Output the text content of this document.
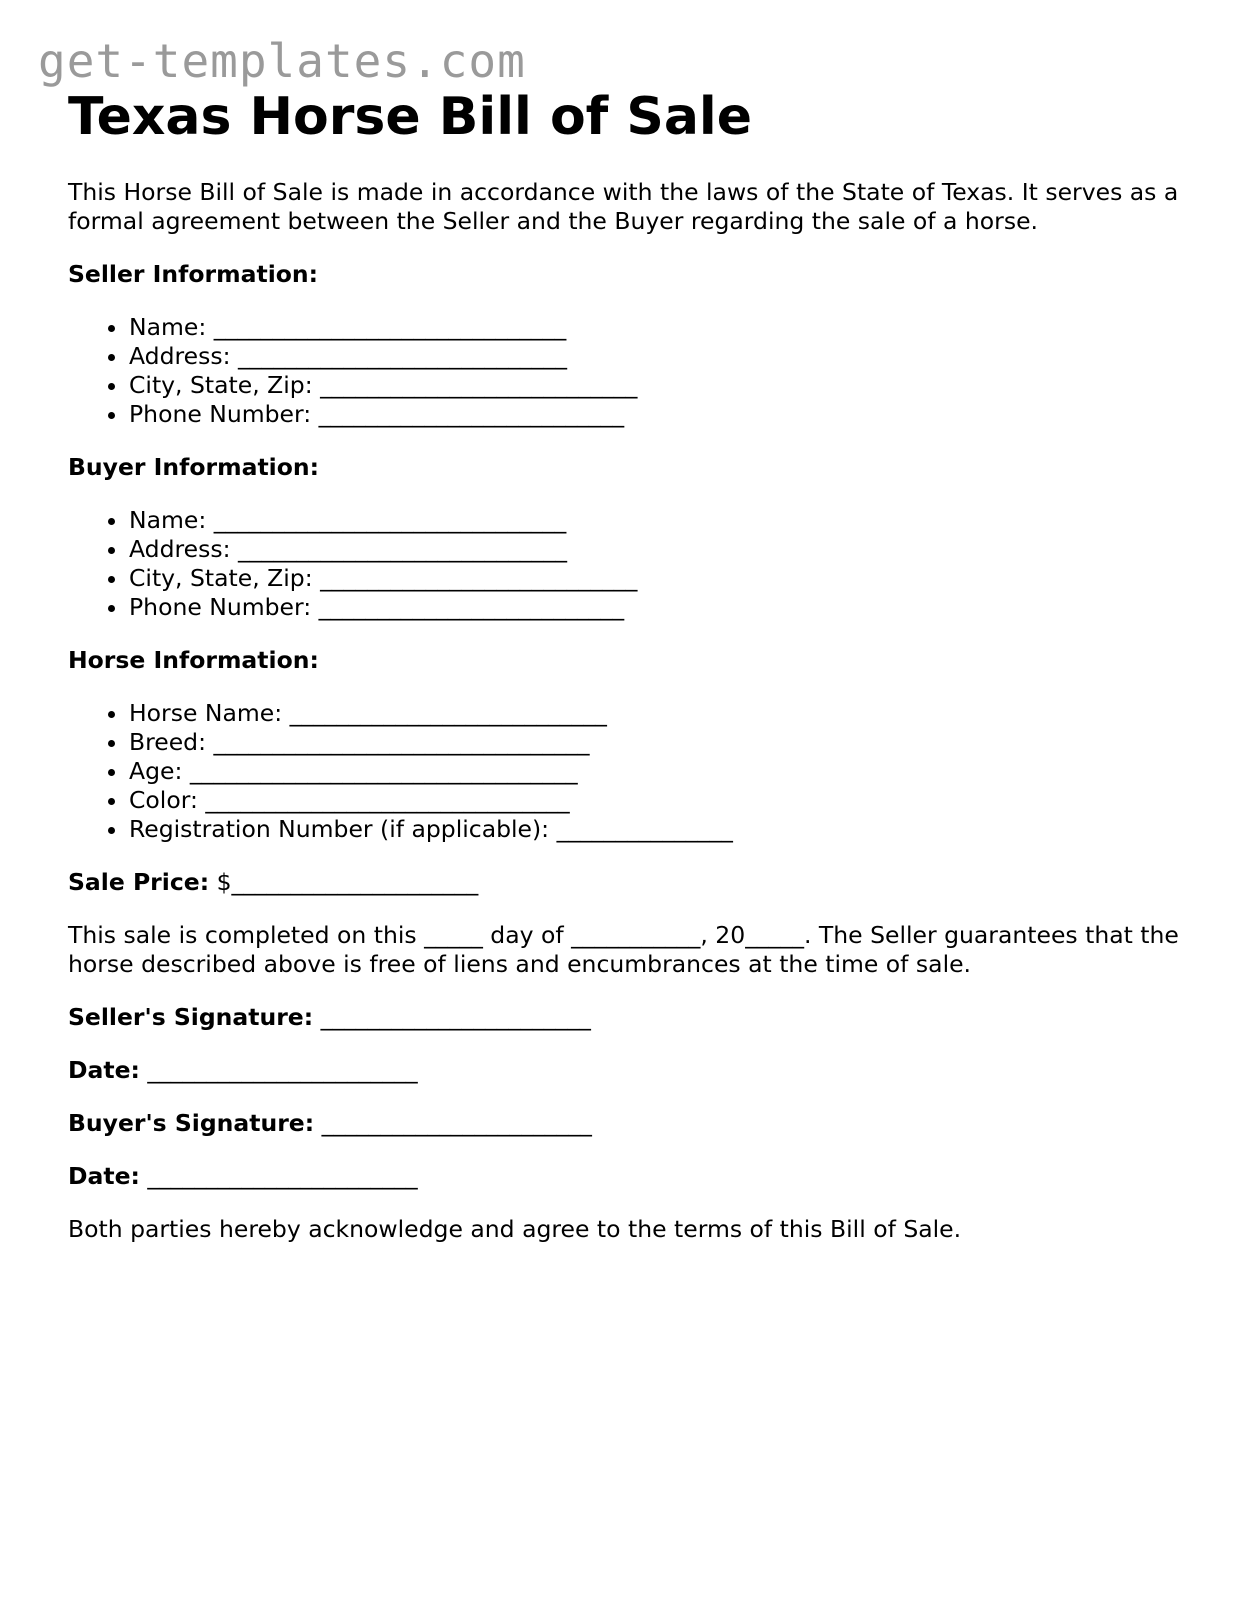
get-templates.com
Texas Horse Bill of Sale

This Horse Bill of Sale is made in accordance with the laws of the State of Texas. It serves as a formal agreement between the Seller and the Buyer regarding the sale of a horse.

Seller Information:

• Name: ______________________________
• Address: ____________________________
• City, State, Zip: ___________________________
• Phone Number: __________________________

Buyer Information:

• Name: ______________________________
• Address: ____________________________
• City, State, Zip: ___________________________
• Phone Number: __________________________

Horse Information:

• Horse Name: ___________________________
• Breed: ________________________________
• Age: _________________________________
• Color: _______________________________
• Registration Number (if applicable): _______________

Sale Price: $_____________________

This sale is completed on this _____ day of ___________, 20_____. The Seller guarantees that the horse described above is free of liens and encumbrances at the time of sale.

Seller's Signature: _______________________

Date: _______________________

Buyer's Signature: _______________________

Date: _______________________

Both parties hereby acknowledge and agree to the terms of this Bill of Sale.
